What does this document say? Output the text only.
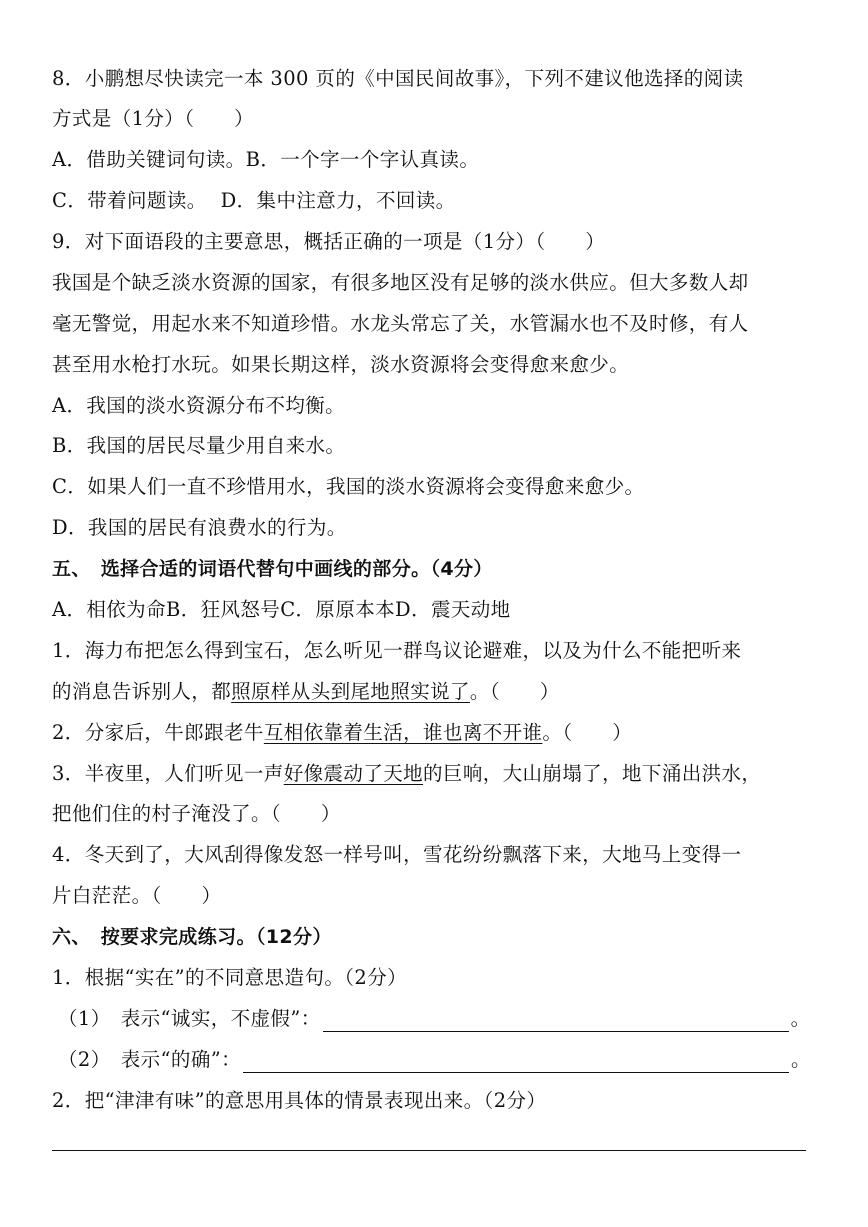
8．小鹏想尽快读完一本 300 页的《中国民间故事》，下列不建议他选择的阅读
方式是（1分）（　　）
A．借助关键词句读。B．一个字一个字认真读。
C．带着问题读。 D．集中注意力，不回读。
9．对下面语段的主要意思，概括正确的一项是（1分）（　　）
我国是个缺乏淡水资源的国家，有很多地区没有足够的淡水供应。但大多数人却
毫无警觉，用起水来不知道珍惜。水龙头常忘了关，水管漏水也不及时修，有人
甚至用水枪打水玩。如果长期这样，淡水资源将会变得愈来愈少。
A．我国的淡水资源分布不均衡。
B．我国的居民尽量少用自来水。
C．如果人们一直不珍惜用水，我国的淡水资源将会变得愈来愈少。
D．我国的居民有浪费水的行为。
五、　选择合适的词语代替句中画线的部分。（4分）
A．相依为命B．狂风怒号C．原原本本D．震天动地
1．海力布把怎么得到宝石，怎么听见一群鸟议论避难，以及为什么不能把听来
的消息告诉别人，都照原样从头到尾地照实说了。（　　）
2．分家后，牛郎跟老牛互相依靠着生活，谁也离不开谁。（　　）
3．半夜里，人们听见一声好像震动了天地的巨响，大山崩塌了，地下涌出洪水，
把他们住的村子淹没了。（　　）
4．冬天到了，大风刮得像发怒一样号叫，雪花纷纷飘落下来，大地马上变得一
片白茫茫。（　　）
六、　按要求完成练习。（12分）
1．根据“实在”的不同意思造句。（2分）
（1）　表示“诚实，不虚假”：	。
（2）　表示“的确”：	。
2．把“津津有味”的意思用具体的情景表现出来。（2分）
